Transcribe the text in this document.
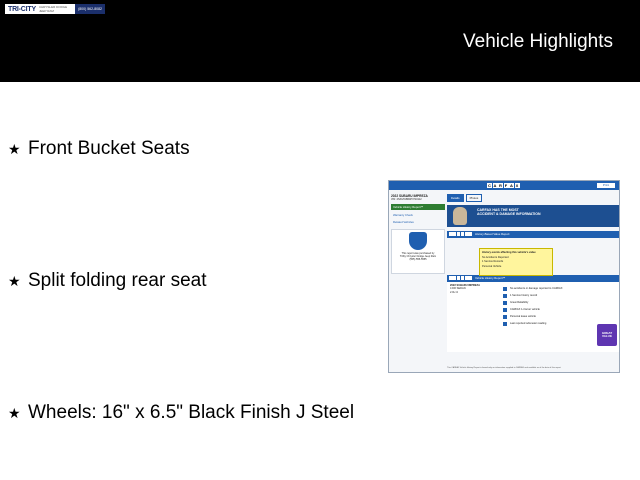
TRI-CITY	CHRYSLER DODGE JEEP RAM	(800) 562-8082
Vehicle Highlights
★ Front Bucket Seats
★ Split folding rear seat
★ Wheels: 16" x 6.5" Black Finish J Steel
C A R F A X	Print
2022 SUBARU IMPREZA
VIN: 4S3GTAB64P3710112
Vehicle History Report™
Warranty Check
Related Vehicles
This report was purchased by
Trilby Chrysler Dodge Jeep Ram
(555) 555-5555
Details	Photos
CARFAX HAS THE MOST
ACCIDENT & DAMAGE INFORMATION
History-Based Value Report
Vehicle History Report™
2022 SUBARU IMPREZA
4 DR SEDAN
2.0L I4
No accidents or damage reported to CARFAX
1 Service history record
Great Reliability
CARFAX 1-Owner vehicle
Personal lease vehicle
Last reported odometer reading
GREAT VALUE
History events affecting this vehicle's value
No Accidents Reported
1 Service Records
Personal Vehicle
This CARFAX Vehicle History Report is based only on information supplied to CARFAX and available as of the date of this report.
